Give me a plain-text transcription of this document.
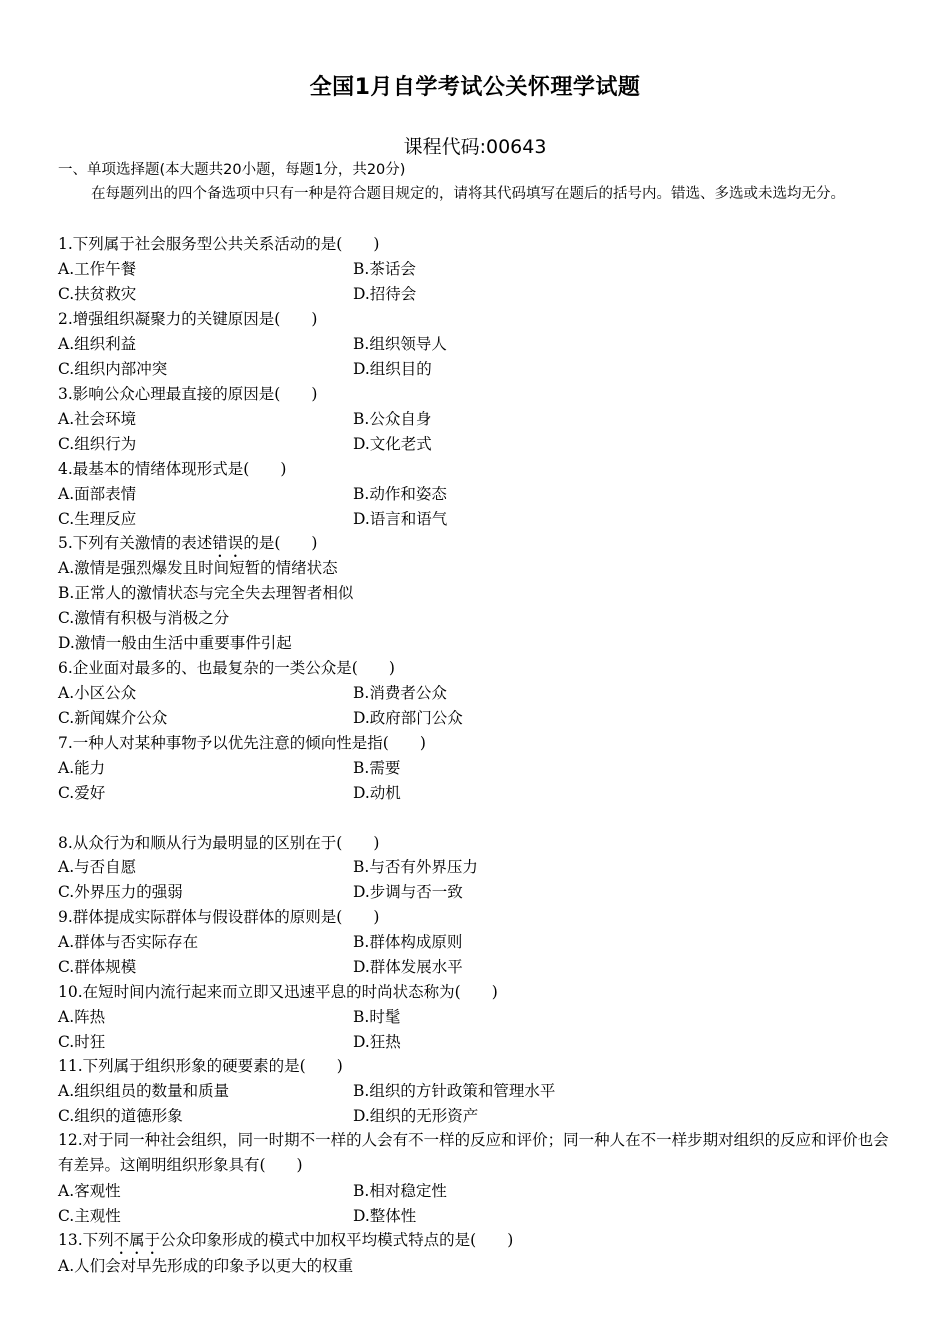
全国1月自学考试公关怀理学试题
课程代码:00643
一、单项选择题(本大题共20小题，每题1分，共20分)
在每题列出的四个备选项中只有一种是符合题目规定的，请将其代码填写在题后的括号内。错选、多选或未选均无分。
1.下列属于社会服务型公共关系活动的是(　　)
A.工作午餐	B.茶话会
C.扶贫救灾	D.招待会
2.增强组织凝聚力的关键原因是(　　)
A.组织利益	B.组织领导人
C.组织内部冲突	D.组织目的
3.影响公众心理最直接的原因是(　　)
A.社会环境	B.公众自身
C.组织行为	D.文化老式
4.最基本的情绪体现形式是(　　)
A.面部表情	B.动作和姿态
C.生理反应	D.语言和语气
5.下列有关激情的表述错误的是(　　)
A.激情是强烈爆发且时间短暂的情绪状态
B.正常人的激情状态与完全失去理智者相似
C.激情有积极与消极之分
D.激情一般由生活中重要事件引起
6.企业面对最多的、也最复杂的一类公众是(　　)
A.小区公众	B.消费者公众
C.新闻媒介公众	D.政府部门公众
7.一种人对某种事物予以优先注意的倾向性是指(　　)
A.能力	B.需要
C.爱好	D.动机
8.从众行为和顺从行为最明显的区别在于(　　)
A.与否自愿	B.与否有外界压力
C.外界压力的强弱	D.步调与否一致
9.群体提成实际群体与假设群体的原则是(　　)
A.群体与否实际存在	B.群体构成原则
C.群体规模	D.群体发展水平
10.在短时间内流行起来而立即又迅速平息的时尚状态称为(　　)
A.阵热	B.时髦
C.时狂	D.狂热
11.下列属于组织形象的硬要素的是(　　)
A.组织组员的数量和质量	B.组织的方针政策和管理水平
C.组织的道德形象	D.组织的无形资产
12.对于同一种社会组织，同一时期不一样的人会有不一样的反应和评价；同一种人在不一样步期对组织的反应和评价也会有差异。这阐明组织形象具有(　　)
A.客观性	B.相对稳定性
C.主观性	D.整体性
13.下列不属于公众印象形成的模式中加权平均模式特点的是(　　)
A.人们会对早先形成的印象予以更大的权重
